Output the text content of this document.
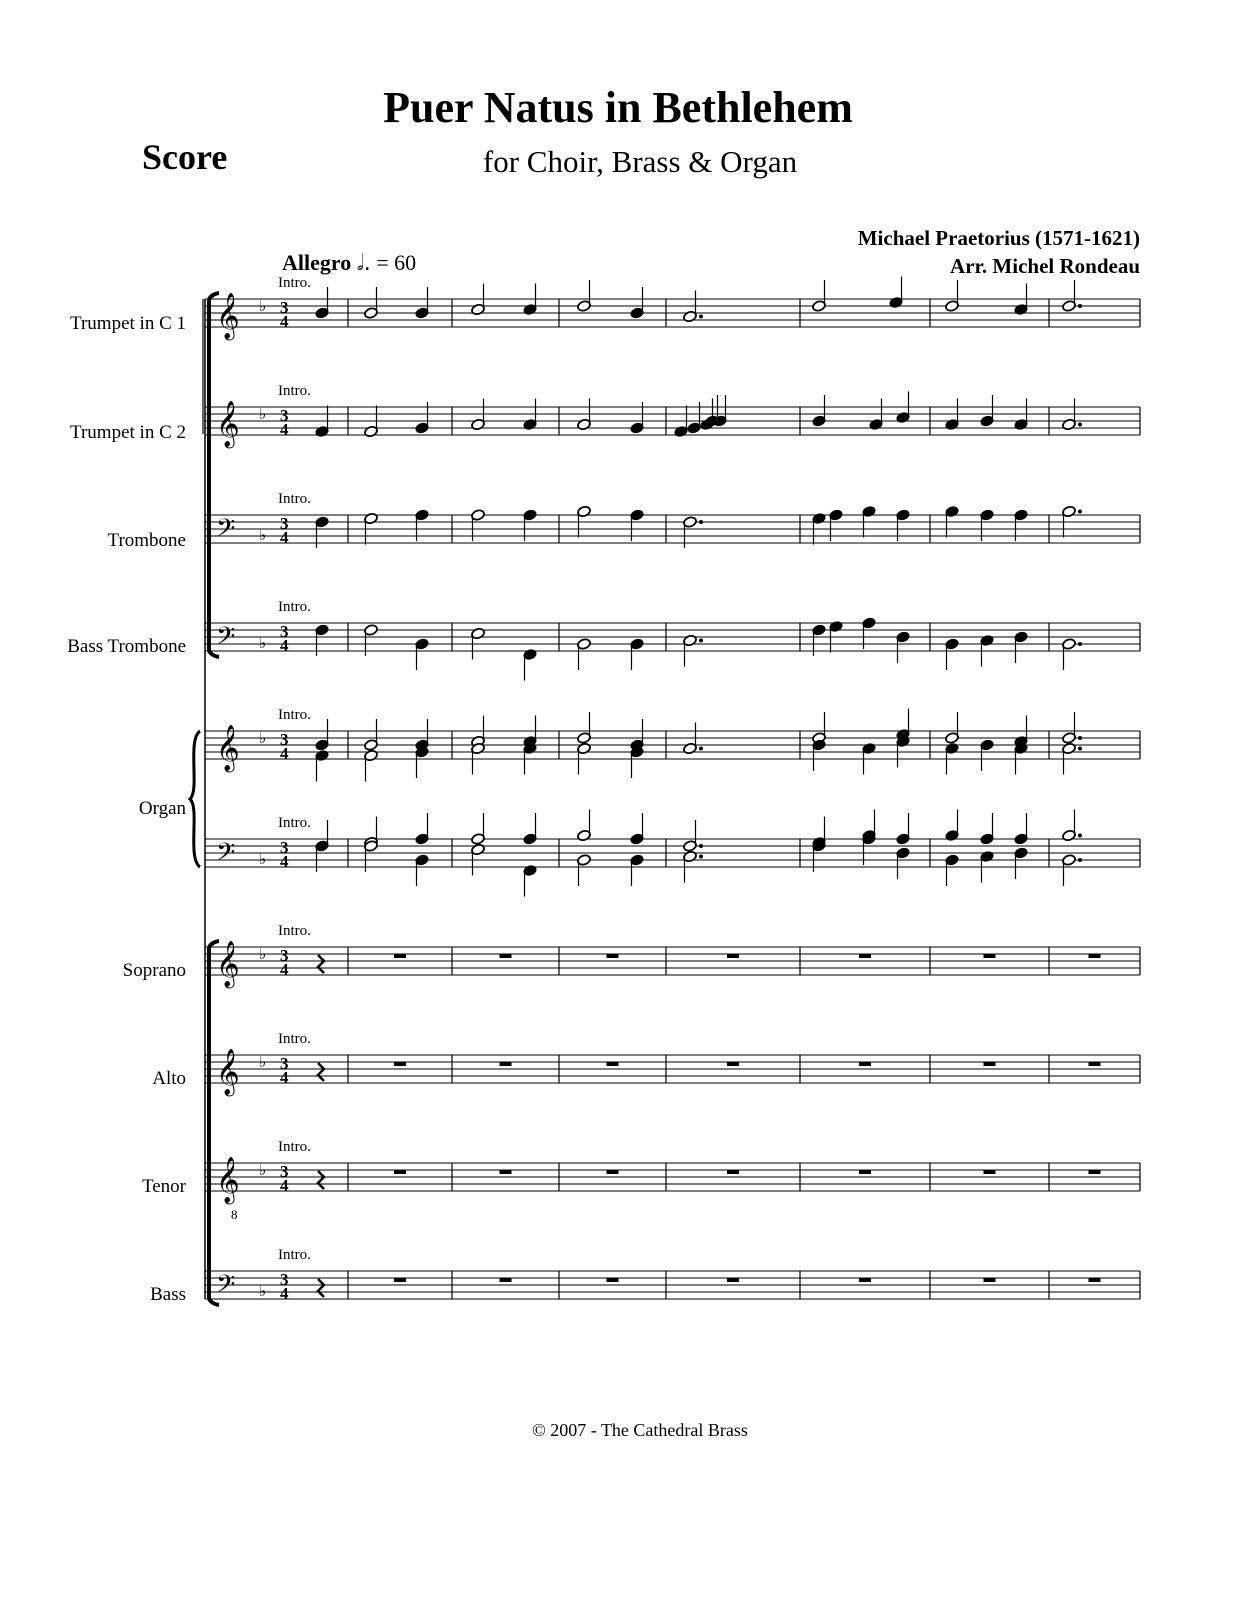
Puer Natus in Bethlehem
Score	for Choir, Brass & Organ
Michael Praetorius (1571-1621)
Arr. Michel Rondeau
Allegro 𝅗𝅥. = 60
Trumpet in C 1
Trumpet in C 2
Trombone
Bass Trombone
Organ
Soprano
Alto
Tenor
Bass
Intro.
Intro.
Intro.
Intro.
Intro.
Intro.
Intro.
Intro.
Intro.
Intro.
𝄞 ♭ 3
4
𝄞 ♭ 3
4
𝄢 ♭
3
4
𝄢 ♭
3
4
𝄞 ♭ 3
4
𝄢 ♭
3
4
𝄞 ♭ 3
4
𝄞 ♭ 3
4
𝄞
8
♭ 3
4
𝄢 ♭
3
4
© 2007 - The Cathedral Brass
